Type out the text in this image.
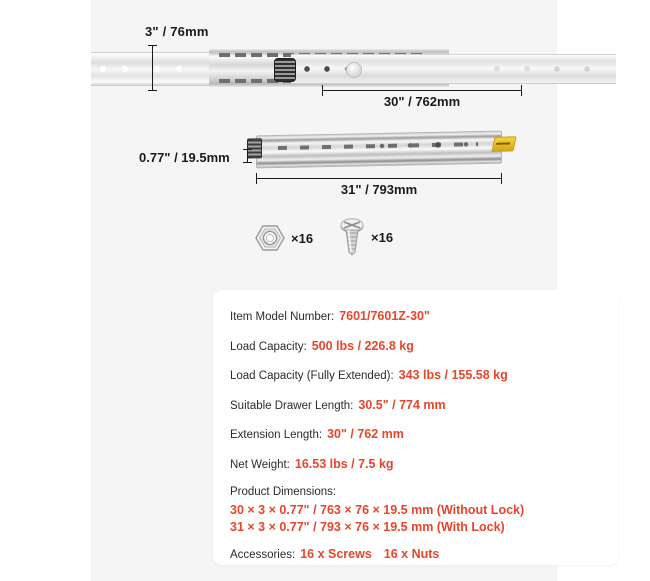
3" / 76mm
30" / 762mm
0.77" / 19.5mm
31" / 793mm
×16	×16
Item Model Number: 7601/7601Z-30"
Load Capacity: 500 lbs / 226.8 kg
Load Capacity (Fully Extended): 343 lbs / 155.58 kg
Suitable Drawer Length: 30.5" / 774 mm
Extension Length: 30" / 762 mm
Net Weight: 16.53 lbs / 7.5 kg
Product Dimensions:
30 × 3 × 0.77" / 763 × 76 × 19.5 mm (Without Lock)
31 × 3 × 0.77" / 793 × 76 × 19.5 mm (With Lock)
Accessories: 16 x Screws 16 x Nuts
